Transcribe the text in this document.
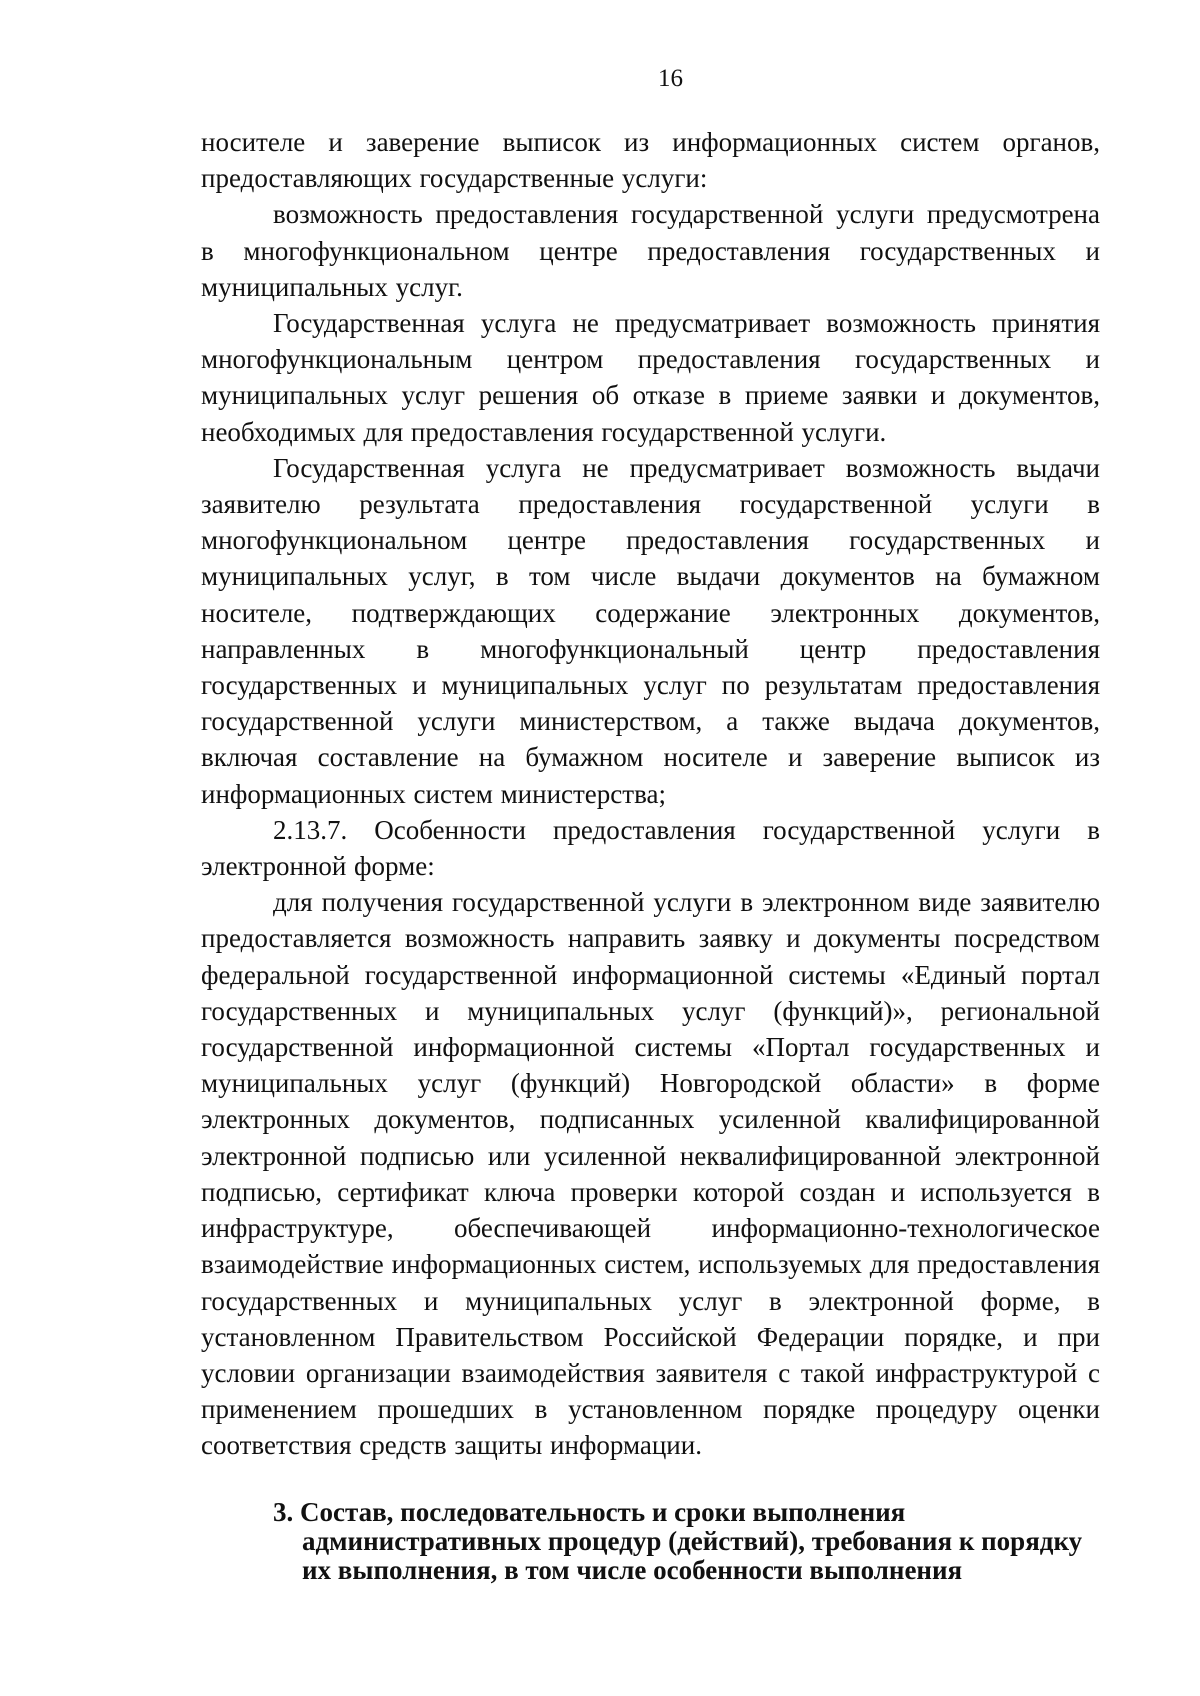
16

носителе и заверение выписок из информационных систем органов, предоставляющих государственные услуги:

возможность предоставления государственной услуги предусмотрена в многофункциональном центре предоставления государственных и муниципальных услуг.

Государственная услуга не предусматривает возможность принятия многофункциональным центром предоставления государственных и муниципальных услуг решения об отказе в приеме заявки и документов, необходимых для предоставления государственной услуги.

Государственная услуга не предусматривает возможность выдачи заявителю результата предоставления государственной услуги в многофункциональном центре предоставления государственных и муниципальных услуг, в том числе выдачи документов на бумажном носителе, подтверждающих содержание электронных документов, направленных в многофункциональный центр предоставления государственных и муниципальных услуг по результатам предоставления государственной услуги министерством, а также выдача документов, включая составление на бумажном носителе и заверение выписок из информационных систем министерства;

2.13.7. Особенности предоставления государственной услуги в электронной форме:

для получения государственной услуги в электронном виде заявителю предоставляется возможность направить заявку и документы посредством федеральной государственной информационной системы «Единый портал государственных и муниципальных услуг (функций)», региональной государственной информационной системы «Портал государственных и муниципальных услуг (функций) Новгородской области» в форме электронных документов, подписанных усиленной квалифицированной электронной подписью или усиленной неквалифицированной электронной подписью, сертификат ключа проверки которой создан и используется в инфраструктуре, обеспечивающей информационно-технологическое взаимодействие информационных систем, используемых для предоставления государственных и муниципальных услуг в электронной форме, в установленном Правительством Российской Федерации порядке, и при условии организации взаимодействия заявителя с такой инфраструктурой с применением прошедших в установленном порядке процедуру оценки соответствия средств защиты информации.

3. Состав, последовательность и сроки выполнения
административных процедур (действий), требования к порядку
их выполнения, в том числе особенности выполнения
